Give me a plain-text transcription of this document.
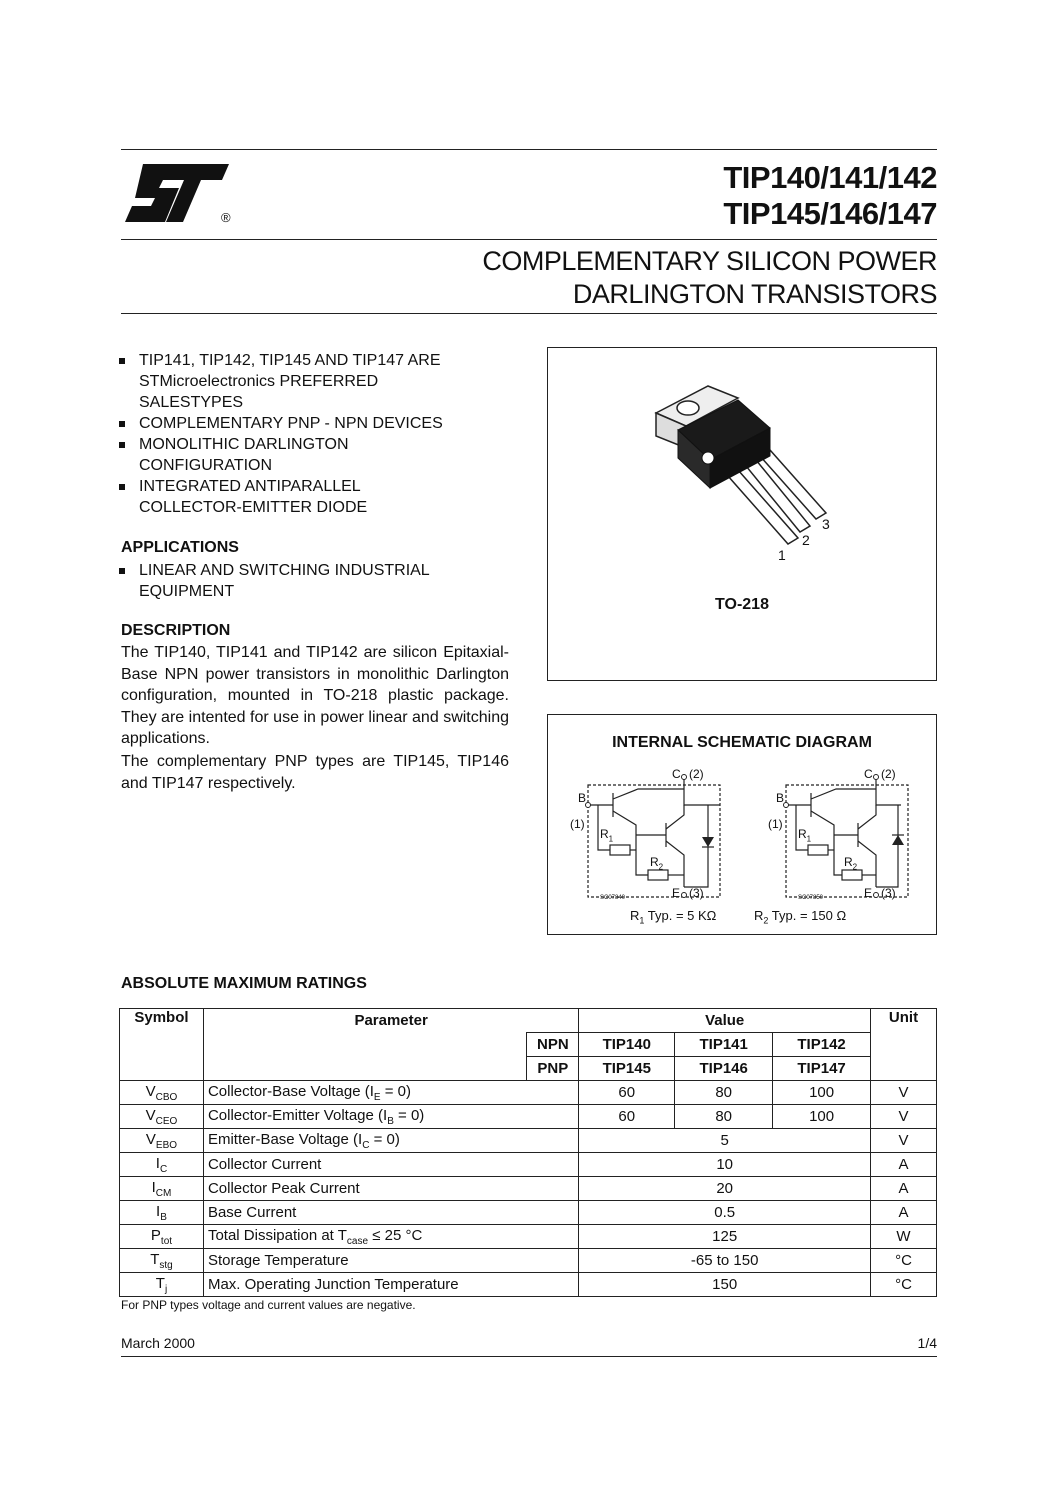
®
TIP140/141/142
TIP145/146/147
COMPLEMENTARY SILICON POWER
DARLINGTON TRANSISTORS
TIP141, TIP142, TIP145 AND TIP147 ARE
STMicroelectronics PREFERRED
SALESTYPES
COMPLEMENTARY PNP - NPN DEVICES
MONOLITHIC DARLINGTON
CONFIGURATION
INTEGRATED ANTIPARALLEL
COLLECTOR-EMITTER DIODE
APPLICATIONS
LINEAR AND SWITCHING INDUSTRIAL
EQUIPMENT
DESCRIPTION

The TIP140, TIP141 and TIP142 are silicon Epitaxial-Base NPN power transistors in monolithic Darlington configuration, mounted in TO-218 plastic package. They are intented for use in power linear and switching applications.

The complementary PNP types are TIP145, TIP146 and TIP147 respectively.

3
2
1
TO-218
INTERNAL SCHEMATIC DIAGRAM
C (2)
B
(1)
$R_1$
$R_2$
E (3)
SC07840
C (2)
B
(1)
$R_1$
$R_2$
E (3)
SC07850
$R_1$ Typ. = 5 KΩ	$R_2$ Typ. = 150 Ω
ABSOLUTE MAXIMUM RATINGS
Symbol	Parameter		Value			Unit
		NPN	TIP140	TIP141	TIP142	
		PNP	TIP145	TIP146	TIP147	
$V_{CBO}$	Collector-Base Voltage $(I_E = 0)$		60	80	100	V
$V_{CEO}$	Collector-Emitter Voltage $(I_B = 0)$		60	80	100	V
$V_{EBO}$	Emitter-Base Voltage $(I_C = 0)$		5			V
$I_C$	Collector Current		10			A
$I_{CM}$	Collector Peak Current		20			A
$I_B$	Base Current		0.5			A
$P_{tot}$	Total Dissipation at $T_{case} \le 25$ °C		125			W
$T_{stg}$	Storage Temperature		-65 to 150			°C
$T_j$	Max. Operating Junction Temperature		150			°C
For PNP types voltage and current values are negative.
March 2000	1/4
